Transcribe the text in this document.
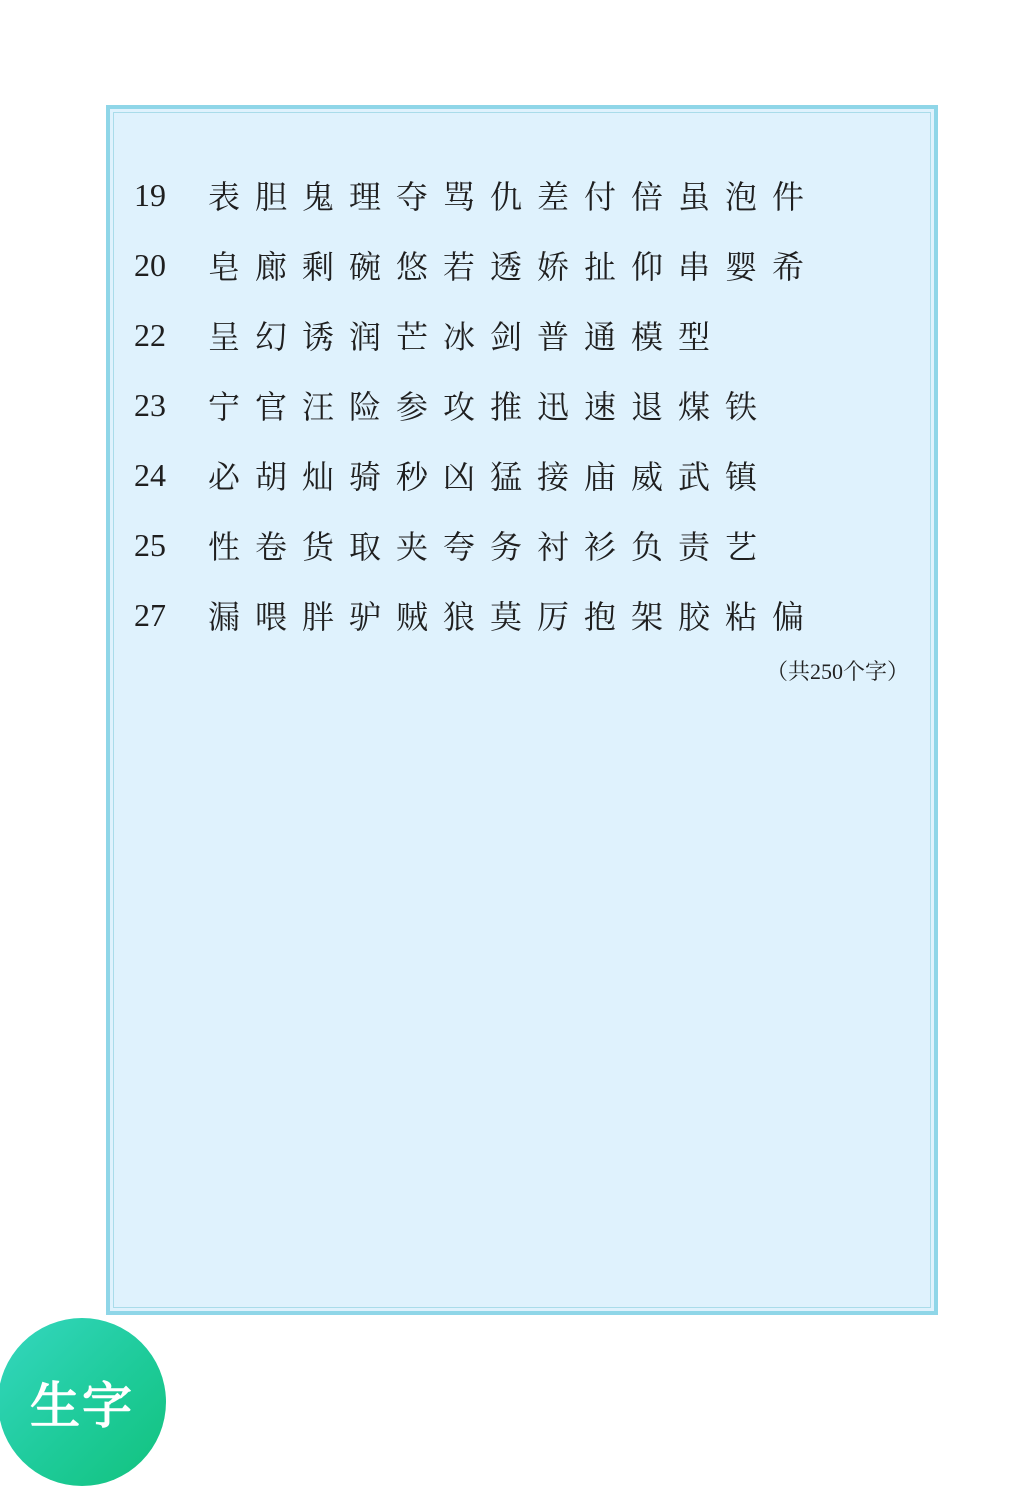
19	表胆鬼理夺骂仇差付倍虽泡件
20	皂廊剩碗悠若透娇扯仰串婴希
22	呈幻诱润芒冰剑普通模型
23	宁官汪险参攻推迅速退煤铁
24	必胡灿骑秒凶猛接庙威武镇
25	性卷货取夹夸务衬衫负责艺
27	漏喂胖驴贼狼莫厉抱架胶粘偏
（共250个字）
生字
